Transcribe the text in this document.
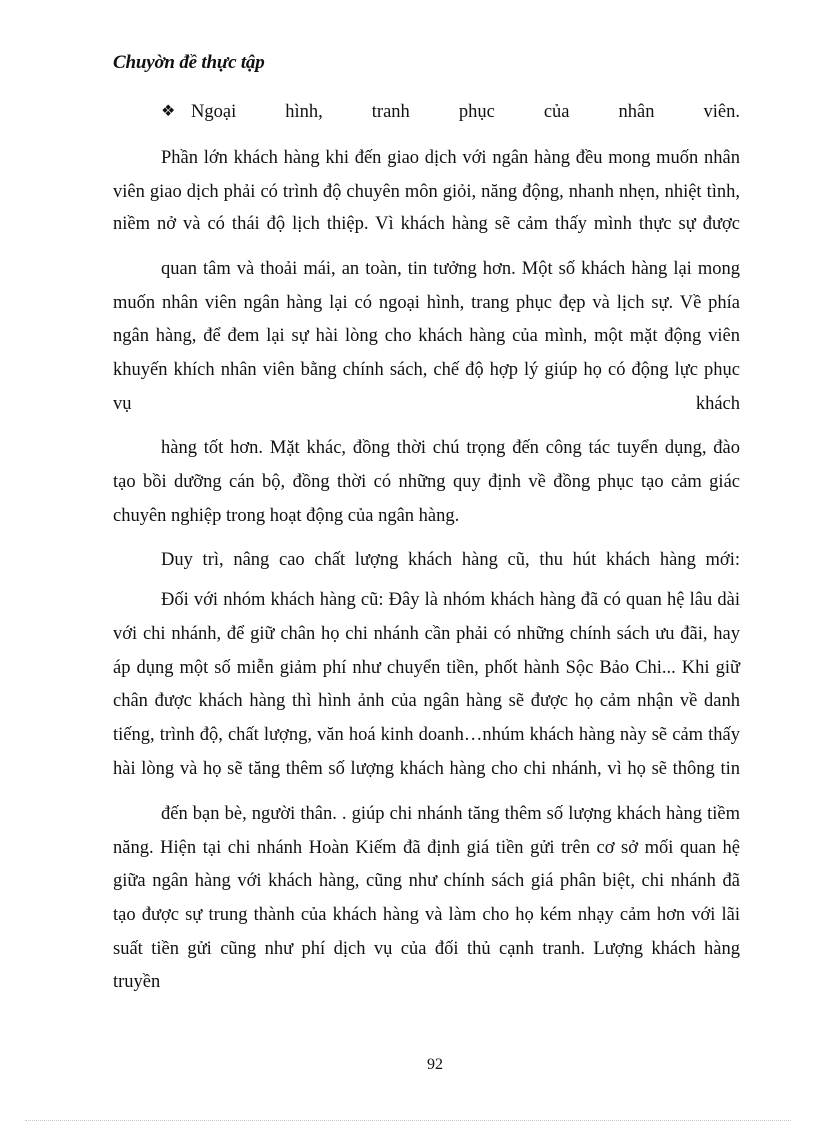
Chuyờn đề thực tập
❖ Ngoại hình, tranh phục của nhân viên.
Phần lớn khách hàng khi đến giao dịch với ngân hàng đều mong muốn nhân
viên giao dịch phải có trình độ chuyên môn giỏi, năng động, nhanh nhẹn, nhiệt tình,
niềm nở và có thái độ lịch thiệp. Vì khách hàng sẽ cảm thấy mình thực sự được
quan tâm và thoải mái, an toàn, tin tưởng hơn. Một số khách hàng lại mong
muốn nhân viên ngân hàng lại có ngoại hình, trang phục đẹp và lịch sự. Về phía
ngân hàng, để đem lại sự hài lòng cho khách hàng của mình, một mặt động viên
khuyến khích nhân viên bằng chính sách, chế độ hợp lý giúp họ có động lực phục
vụ khách
hàng tốt hơn. Mặt khác, đồng thời chú trọng đến công tác tuyển dụng, đào
tạo bồi dưỡng cán bộ, đồng thời có những quy định về đồng phục tạo cảm giác
chuyên nghiệp trong hoạt động của ngân hàng.
Duy trì, nâng cao chất lượng khách hàng cũ, thu hút khách hàng mới:
Đối với nhóm khách hàng cũ: Đây là nhóm khách hàng đã có quan hệ lâu dài
với chi nhánh, để giữ chân họ chi nhánh cần phải có những chính sách ưu đãi, hay
áp dụng một số miễn giảm phí như chuyển tiền, phốt hành Sộc Bảo Chi... Khi giữ
chân được khách hàng thì hình ảnh của ngân hàng sẽ được họ cảm nhận về danh
tiếng, trình độ, chất lượng, văn hoá kinh doanh…nhúm khách hàng này sẽ cảm thấy
hài lòng và họ sẽ tăng thêm số lượng khách hàng cho chi nhánh, vì họ sẽ thông tin
đến bạn bè, người thân. . giúp chi nhánh tăng thêm số lượng khách hàng tiềm
năng. Hiện tại chi nhánh Hoàn Kiếm đã định giá tiền gửi trên cơ sở mối quan hệ
giữa ngân hàng với khách hàng, cũng như chính sách giá phân biệt, chi nhánh đã
tạo được sự trung thành của khách hàng và làm cho họ kém nhạy cảm hơn với lãi
suất tiền gửi cũng như phí dịch vụ của đối thủ cạnh tranh. Lượng khách hàng
truyền
92
